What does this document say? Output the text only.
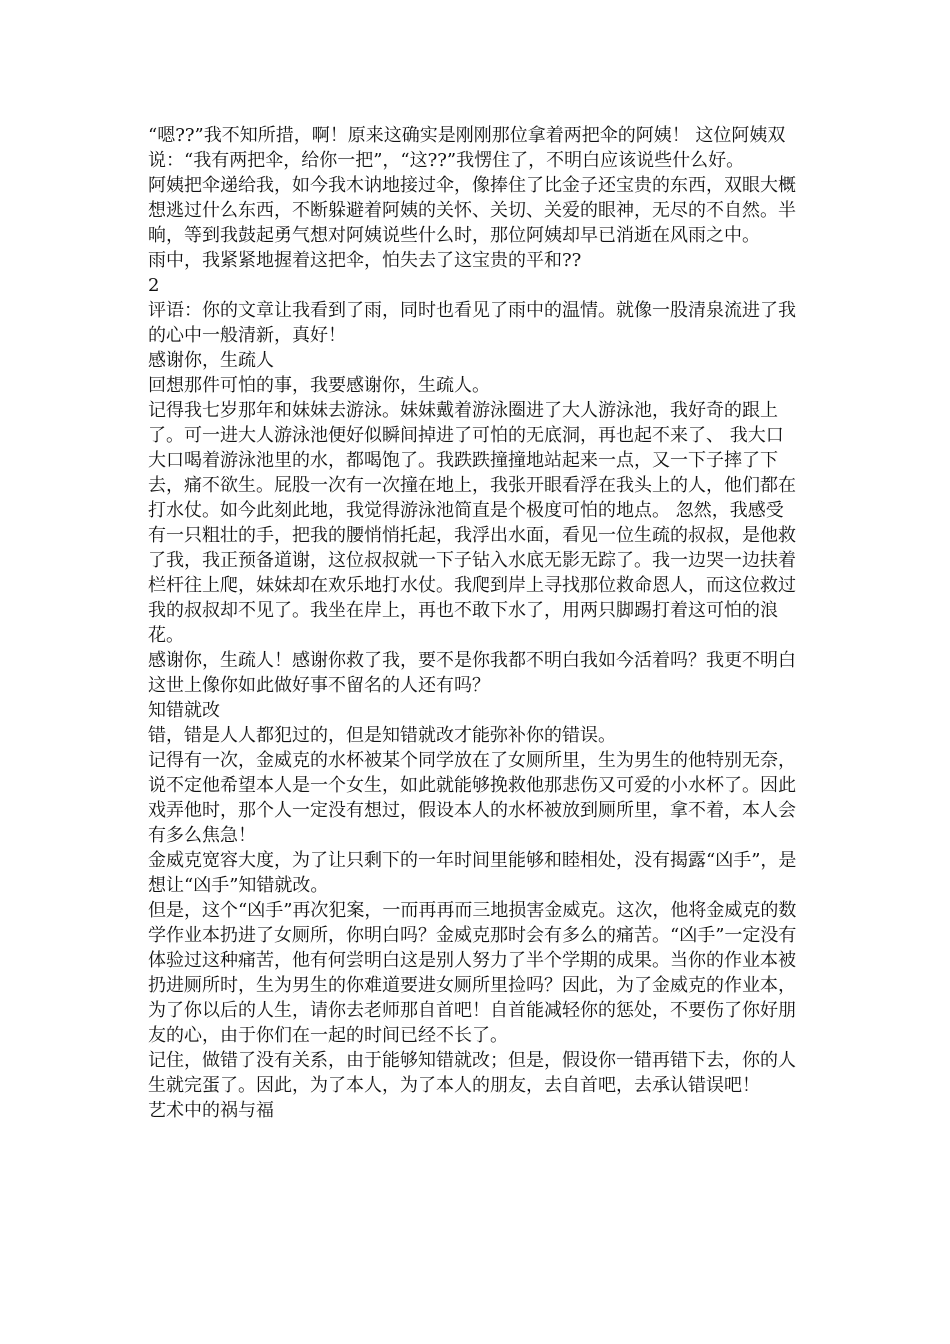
“嗯??”我不知所措，啊！原来这确实是刚刚那位拿着两把伞的阿姨！ 这位阿姨双说：“我有两把伞，给你一把”，“这??”我愣住了，不明白应该说些什么好。

阿姨把伞递给我，如今我木讷地接过伞，像捧住了比金子还宝贵的东西，双眼大概想逃过什么东西，不断躲避着阿姨的关怀、关切、关爱的眼神，无尽的不自然。半晌，等到我鼓起勇气想对阿姨说些什么时，那位阿姨却早已消逝在风雨之中。

雨中，我紧紧地握着这把伞，怕失去了这宝贵的平和??

2

评语：你的文章让我看到了雨，同时也看见了雨中的温情。就像一股清泉流进了我的心中一般清新，真好！

感谢你，生疏人

回想那件可怕的事，我要感谢你，生疏人。

记得我七岁那年和妹妹去游泳。妹妹戴着游泳圈进了大人游泳池，我好奇的跟上了。可一进大人游泳池便好似瞬间掉进了可怕的无底洞，再也起不来了、 我大口大口喝着游泳池里的水，都喝饱了。我跌跌撞撞地站起来一点，又一下子摔了下去，痛不欲生。屁股一次有一次撞在地上，我张开眼看浮在我头上的人，他们都在打水仗。如今此刻此地，我觉得游泳池简直是个极度可怕的地点。 忽然，我感受有一只粗壮的手，把我的腰悄悄托起，我浮出水面，看见一位生疏的叔叔，是他救了我，我正预备道谢，这位叔叔就一下子钻入水底无影无踪了。我一边哭一边扶着栏杆往上爬，妹妹却在欢乐地打水仗。我爬到岸上寻找那位救命恩人，而这位救过我的叔叔却不见了。我坐在岸上，再也不敢下水了，用两只脚踢打着这可怕的浪花。

感谢你，生疏人！感谢你救了我，要不是你我都不明白我如今活着吗？我更不明白这世上像你如此做好事不留名的人还有吗？

知错就改

错，错是人人都犯过的，但是知错就改才能弥补你的错误。

记得有一次，金威克的水杯被某个同学放在了女厕所里，生为男生的他特别无奈，说不定他希望本人是一个女生，如此就能够挽救他那悲伤又可爱的小水杯了。因此戏弄他时，那个人一定没有想过，假设本人的水杯被放到厕所里，拿不着，本人会有多么焦急！

金威克宽容大度，为了让只剩下的一年时间里能够和睦相处，没有揭露“凶手”，是想让“凶手”知错就改。

但是，这个“凶手”再次犯案，一而再再而三地损害金威克。这次，他将金威克的数学作业本扔进了女厕所，你明白吗？金威克那时会有多么的痛苦。“凶手”一定没有体验过这种痛苦，他有何尝明白这是别人努力了半个学期的成果。当你的作业本被扔进厕所时，生为男生的你难道要进女厕所里捡吗？因此，为了金威克的作业本，为了你以后的人生，请你去老师那自首吧！自首能减轻你的惩处，不要伤了你好朋友的心，由于你们在一起的时间已经不长了。

记住，做错了没有关系，由于能够知错就改；但是，假设你一错再错下去，你的人生就完蛋了。因此，为了本人，为了本人的朋友，去自首吧，去承认错误吧！

艺术中的祸与福
